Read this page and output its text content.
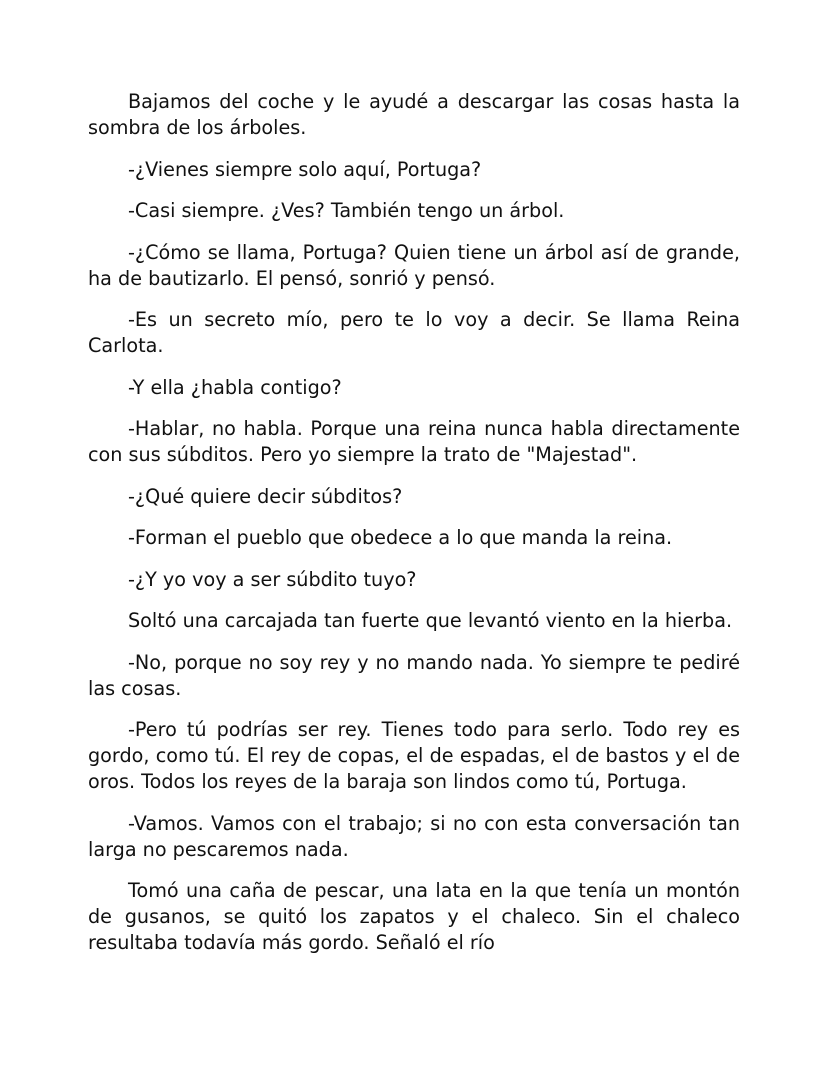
Bajamos del coche y le ayudé a descargar las cosas hasta la sombra de los árboles.

-¿Vienes siempre solo aquí, Portuga?

-Casi siempre. ¿Ves? También tengo un árbol.

-¿Cómo se llama, Portuga? Quien tiene un árbol así de grande, ha de bautizarlo. El pensó, sonrió y pensó.

-Es un secreto mío, pero te lo voy a decir. Se llama Reina Carlota.

-Y ella ¿habla contigo?

-Hablar, no habla. Porque una reina nunca habla directamente con sus súbditos. Pero yo siempre la trato de "Majestad".

-¿Qué quiere decir súbditos?

-Forman el pueblo que obedece a lo que manda la reina.

-¿Y yo voy a ser súbdito tuyo?

Soltó una carcajada tan fuerte que levantó viento en la hierba.

-No, porque no soy rey y no mando nada. Yo siempre te pediré las cosas.

-Pero tú podrías ser rey. Tienes todo para serlo. Todo rey es gordo, como tú. El rey de copas, el de espadas, el de bastos y el de oros. Todos los reyes de la baraja son lindos como tú, Portuga.

-Vamos. Vamos con el trabajo; si no con esta conversación tan larga no pescaremos nada.

Tomó una caña de pescar, una lata en la que tenía un montón de gusanos, se quitó los zapatos y el chaleco. Sin el chaleco resultaba todavía más gordo. Señaló el río
